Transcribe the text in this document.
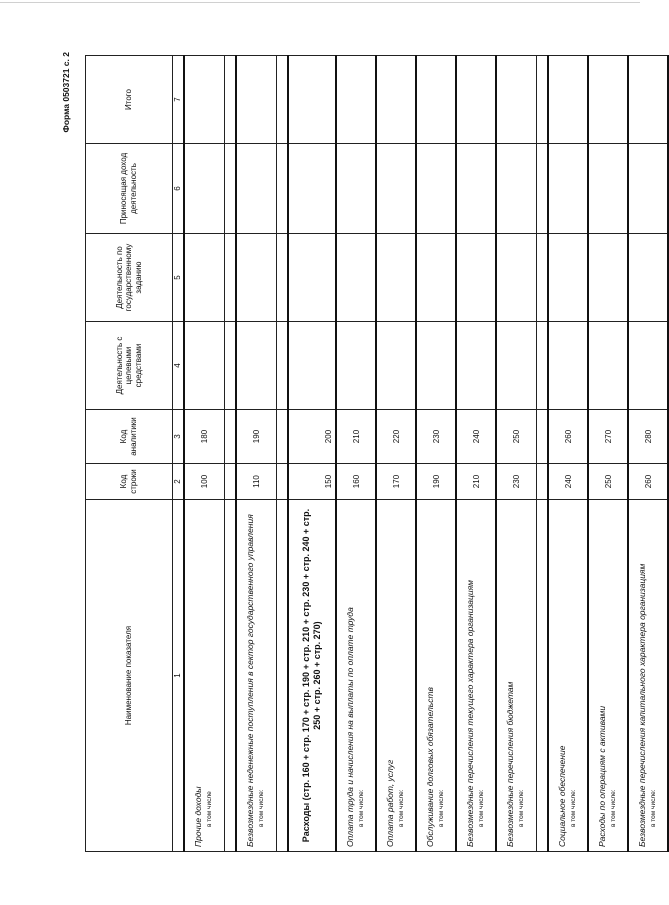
Форма 0503721 с. 2
Наименование показателя	Код строки	Код аналитики	Деятельность с целевыми средствами	Деятельность по государственному заданию	Приносящая доход деятельность	Итого
1	2	3	4	5	6	7

Прочие доходы в том числе	100	180				

Безвозмездные неденежные поступления в сектор государственного управления в том числе:	110	190				

Расходы (стр. 160 + стр. 170 + стр. 190 + стр. 210 + стр. 230 + стр. 240 + стр. 250 + стр. 260 + стр. 270)	150	200				

Оплата труда и начисления на выплаты по оплате труда в том числе:	160	210				

Оплата работ, услуг в том числе:	170	220				

Обслуживание долговых обязательств в том числе:	190	230				

Безвозмездные перечисления текущего характера организациям в том числе:	210	240				

Безвозмездные перечисления бюджетам в том числе:	230	250				

Социальное обеспечение в том числе:	240	260				

Расходы по операциям с активами в том числе:	250	270				

Безвозмездные перечисления капитального характера организациям в том числе:	260	280				
